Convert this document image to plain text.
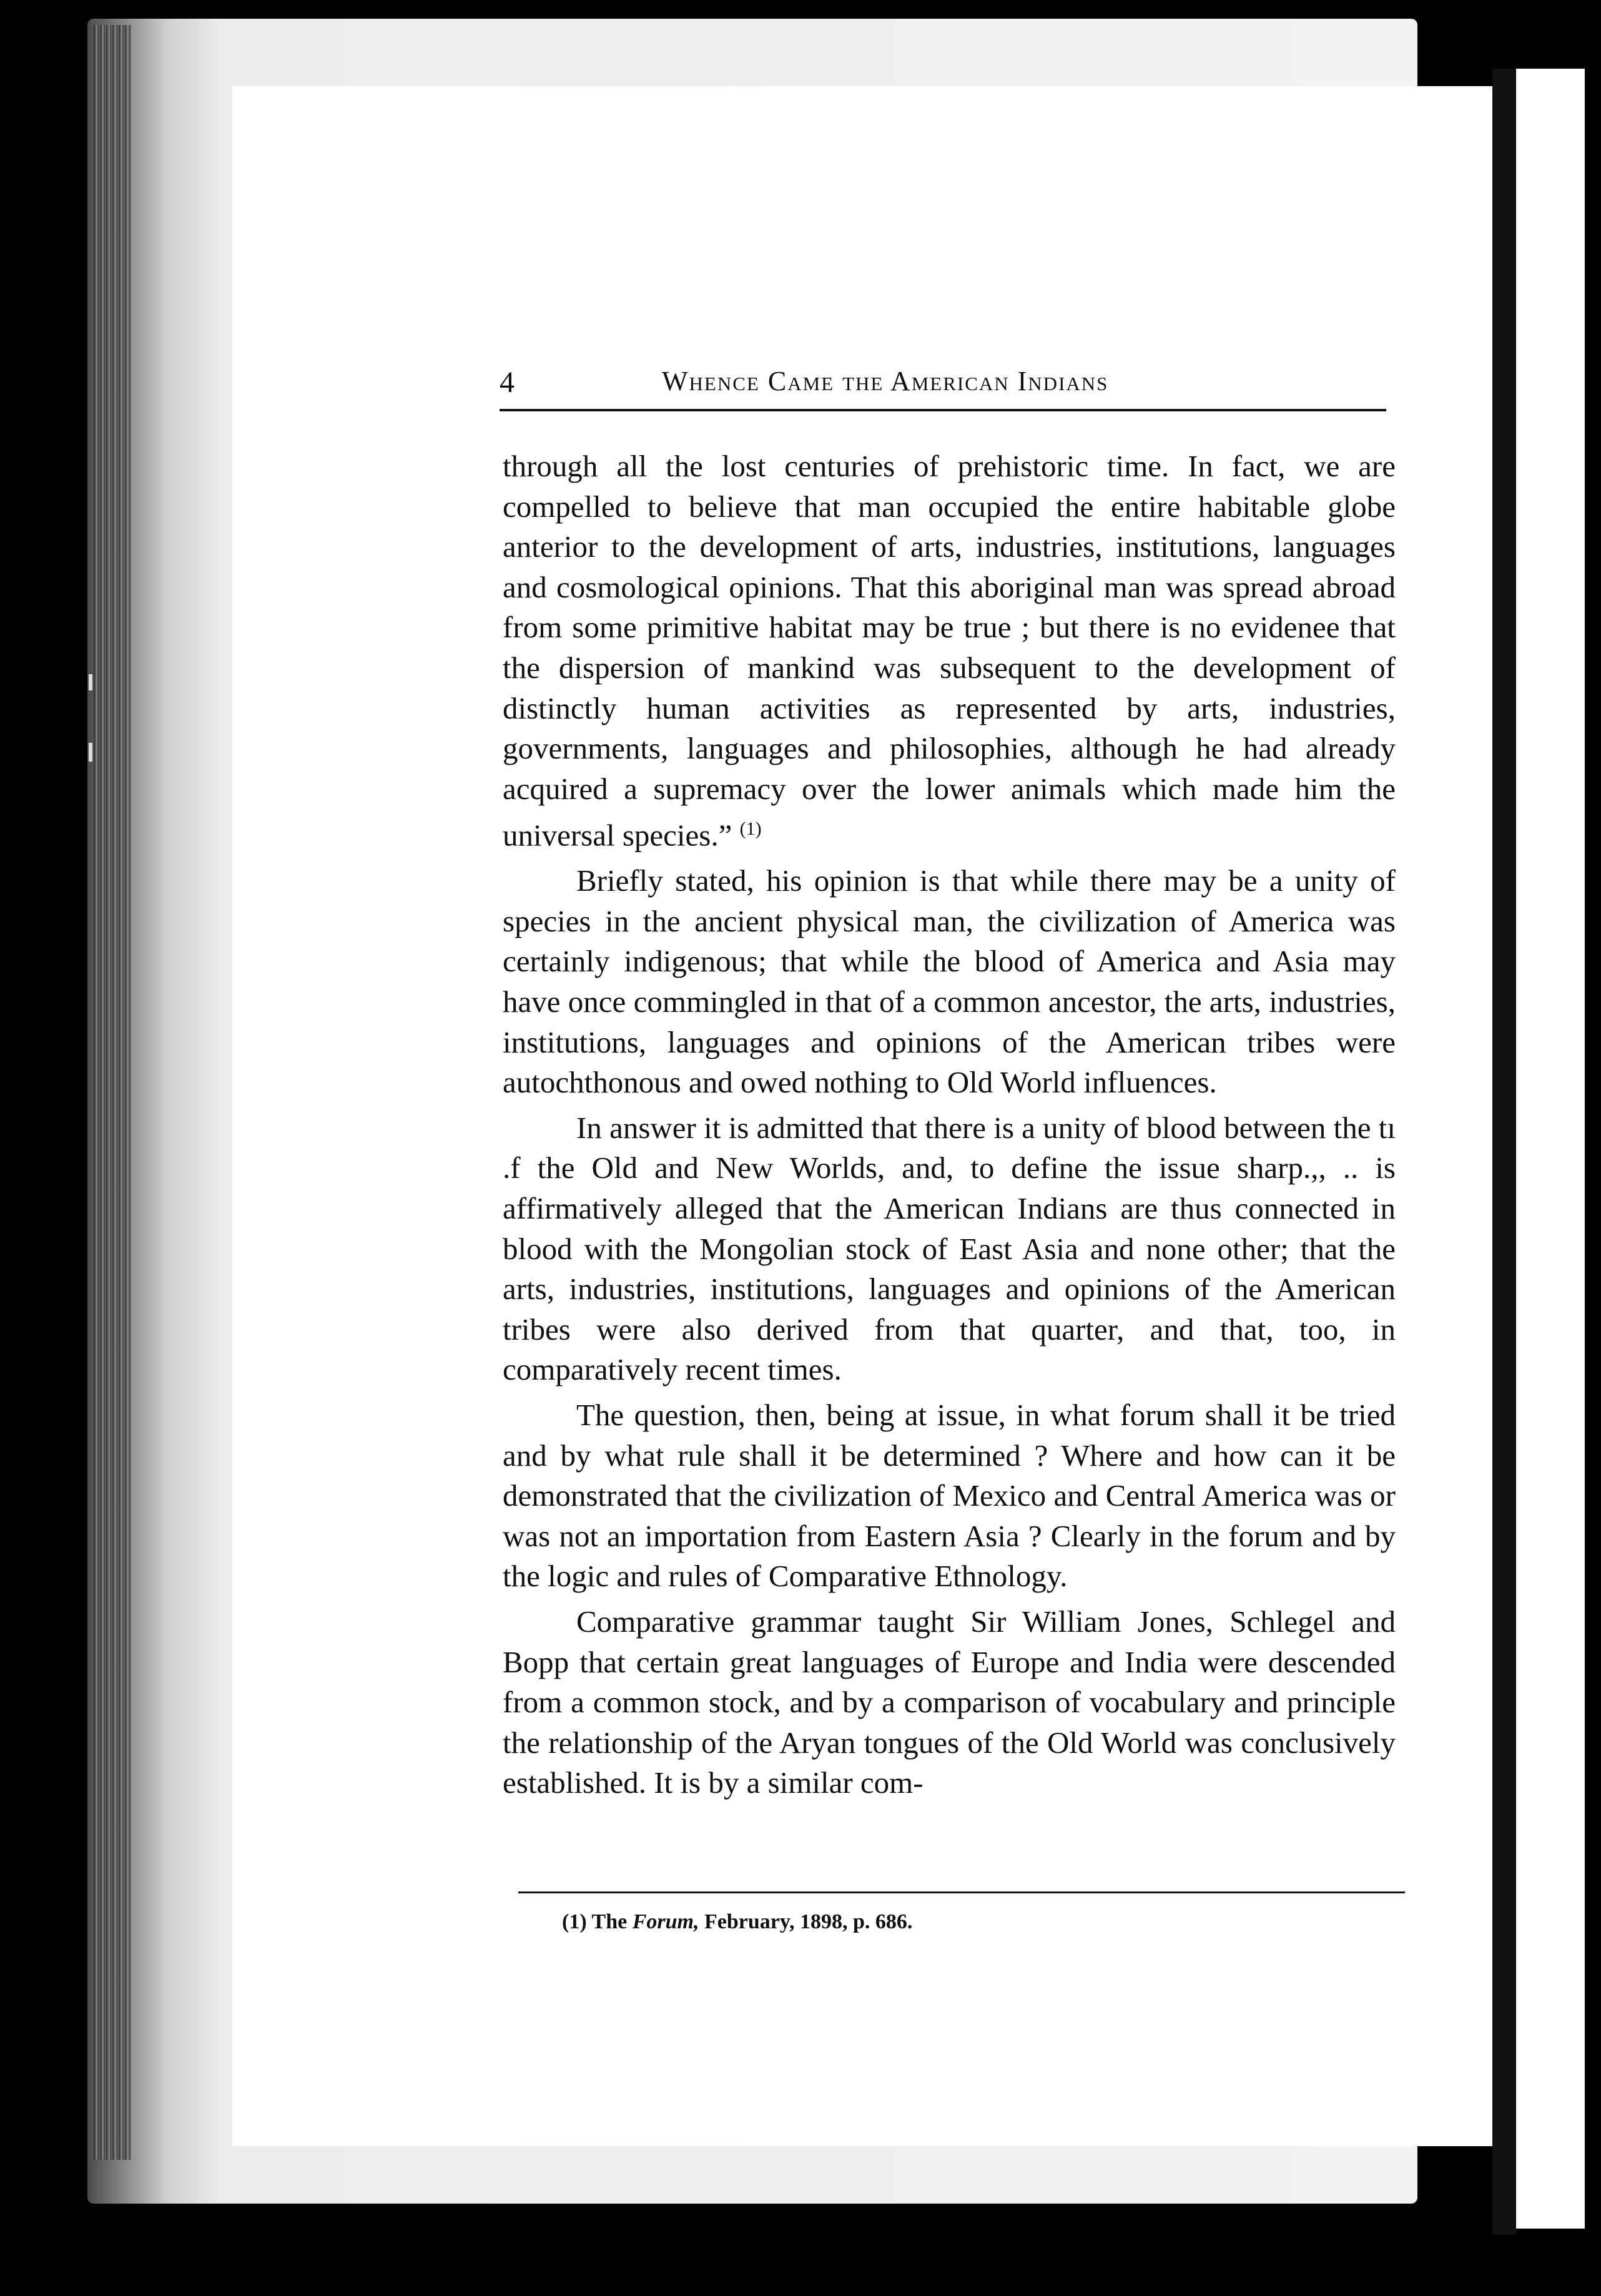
4	Whence Came the American Indians

through all the lost centuries of prehistoric time. In fact, we are compelled to believe that man occupied the entire habitable globe anterior to the development of arts, industries, institutions, languages and cosmological opinions. That this aboriginal man was spread abroad from some primitive habitat may be true ; but there is no evidenee that the dispersion of mankind was subsequent to the development of distinctly human activities as represented by arts, industries, governments, languages and philosophies, although he had already acquired a supremacy over the lower animals which made him the universal species.” $^{(1)}$

Briefly stated, his opinion is that while there may be a unity of species in the ancient physical man, the civilization of America was certainly indigenous; that while the blood of America and Asia may have once commingled in that of a common ancestor, the arts, industries, institutions, languages and opinions of the American tribes were autochthonous and owed nothing to Old World influences.

In answer it is admitted that there is a unity of blood between the tı .f the Old and New Worlds, and, to define the issue sharp.,, .. is affirmatively alleged that the American Indians are thus connected in blood with the Mongolian stock of East Asia and none other; that the arts, industries, institutions, languages and opinions of the American tribes were also derived from that quarter, and that, too, in comparatively recent times.

The question, then, being at issue, in what forum shall it be tried and by what rule shall it be determined ? Where and how can it be demonstrated that the civilization of Mexico and Central America was or was not an importation from Eastern Asia ? Clearly in the forum and by the logic and rules of Comparative Ethnology.

Comparative grammar taught Sir William Jones, Schlegel and Bopp that certain great languages of Europe and India were descended from a common stock, and by a comparison of vocabulary and principle the relationship of the Aryan tongues of the Old World was conclusively established. It is by a similar com-

(1) The Forum, February, 1898, p. 686.
